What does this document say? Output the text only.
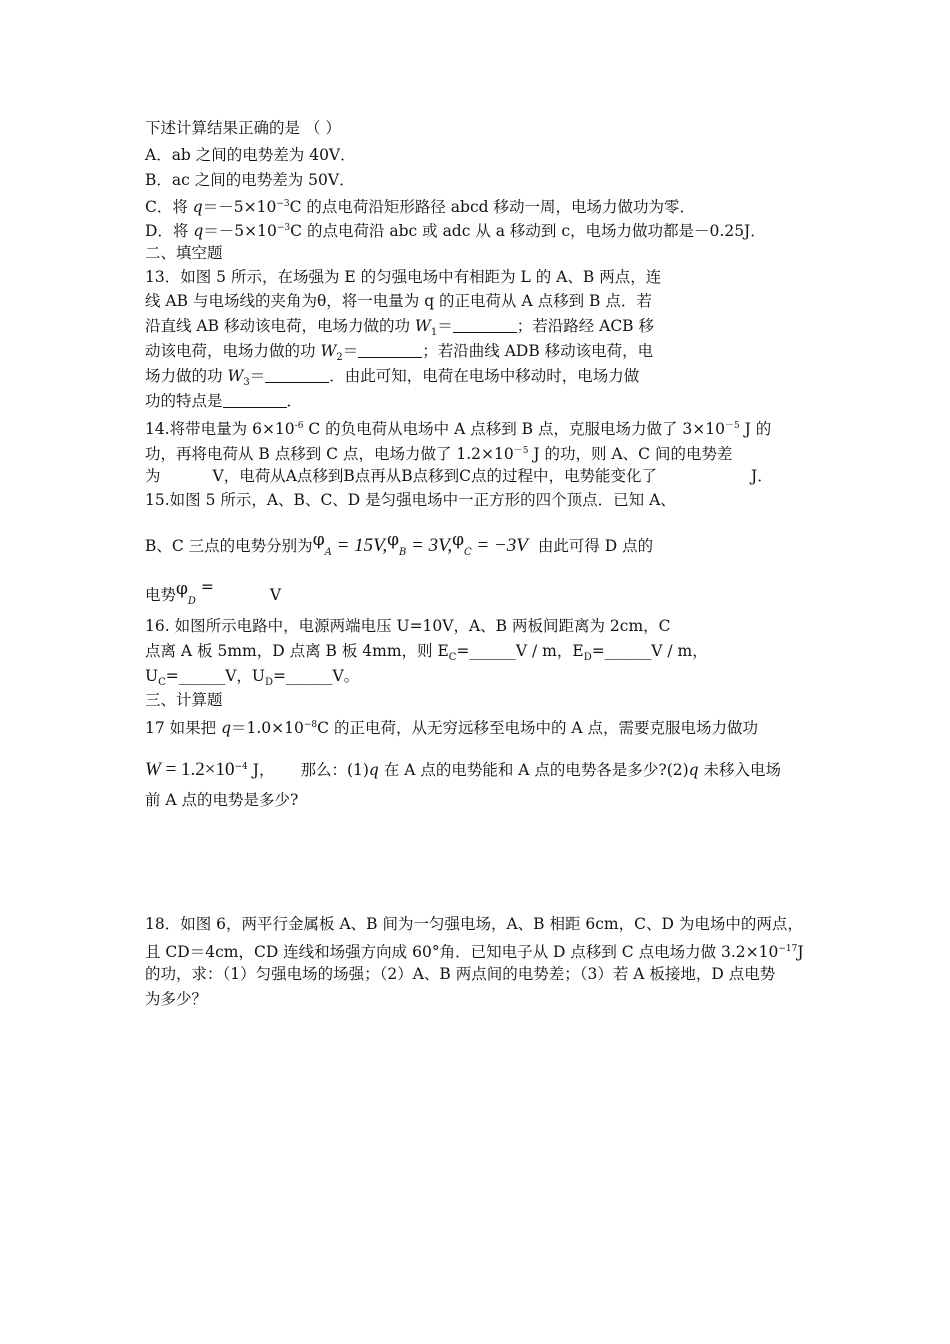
下述计算结果正确的是 （ ）
A．ab 之间的电势差为 40V．
B．ac 之间的电势差为 50V．
C．将 $q=-5\times 10^{-3}C$ 的点电荷沿矩形路径 abcd 移动一周，电场力做功为零．
D．将 $q=-5\times 10^{-3}C$ 的点电荷沿 abc 或 adc 从 a 移动到 c，电场力做功都是－0.25J．
二、填空题
13．如图 5 所示，在场强为 E 的匀强电场中有相距为 L 的 A、B 两点，连
线 AB 与电场线的夹角为θ，将一电量为 q 的正电荷从 A 点移到 B 点．若
沿直线 AB 移动该电荷，电场力做的功 $W_1=$	；若沿路经 ACB 移
动该电荷，电场力做的功 $W_2=$	；若沿曲线 ADB 移动该电荷，电
场力做的功 $W_3=$	．由此可知，电荷在电场中移动时，电场力做
功的特点是	．
14.将带电量为 $6\times 10^{-6}$ C 的负电荷从电场中 A 点移到 B 点，克服电场力做了 $3\times 10^{-5}$ J 的
功，再将电荷从 B 点移到 C 点，电场力做了 $1.2\times 10^{-5}$ J 的功，则 A、C 间的电势差
为	V，电荷从A点移到B点再从B点移到C点的过程中，电势能变化了	J．
15.如图 5 所示，A、B、C、D 是匀强电场中一正方形的四个顶点．已知 A、
B、C 三点的电势分别为$\varphi_A = 15V,\varphi_B = 3V,\varphi_C = -3V$ 由此可得 D 点的
电势$\varphi_D$ =	V
16. 如图所示电路中，电源两端电压 U=10V，A、B 两板间距离为 2cm，C
点离 A 板 5mm，D 点离 B 板 4mm，则 $E_C=\_\_\_\_\_\_V / m$，$E_D=\_\_\_\_\_\_V / m$，
$U_C=\_\_\_\_\_\_V$，$U_D=\_\_\_\_\_\_V$。
三、计算题
17 如果把 $q=1.0\times 10^{-8}C$ 的正电荷，从无穷远移至电场中的 A 点，需要克服电场力做功
$W = 1.2\times 10^{-4}$ J， 那么：(1)q 在 A 点的电势能和 A 点的电势各是多少?(2)q 未移入电场
前 A 点的电势是多少?
18．如图 6，两平行金属板 A、B 间为一匀强电场，A、B 相距 6cm，C、D 为电场中的两点，
且 CD＝4cm，CD 连线和场强方向成 60°角．已知电子从 D 点移到 C 点电场力做 $3.2\times 10^{-17}J$
的功，求：（1）匀强电场的场强；（2）A、B 两点间的电势差；（3）若 A 板接地，D 点电势
为多少？
